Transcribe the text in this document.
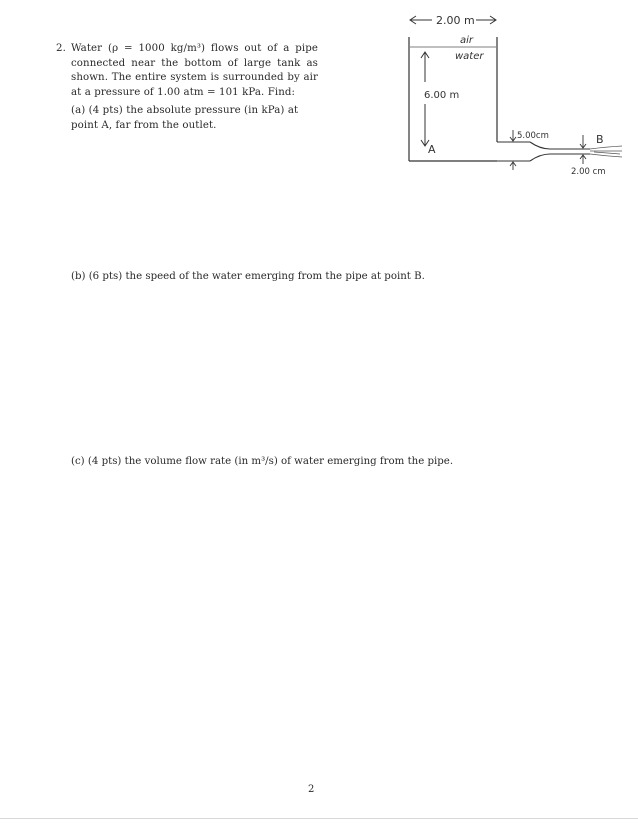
2. Water (ρ = 1000 kg/m³) flows out of a pipe connected near the bottom of large tank as shown. The entire system is surrounded by air at a pressure of 1.00 atm = 101 kPa. Find:
(a) (4 pts) the absolute pressure (in kPa) at point A, far from the outlet.
2.00 m
air
water
6.00 m
A
5.00cm	B
2.00 cm
(b) (6 pts) the speed of the water emerging from the pipe at point B.
(c) (4 pts) the volume flow rate (in m³/s) of water emerging from the pipe.
2
